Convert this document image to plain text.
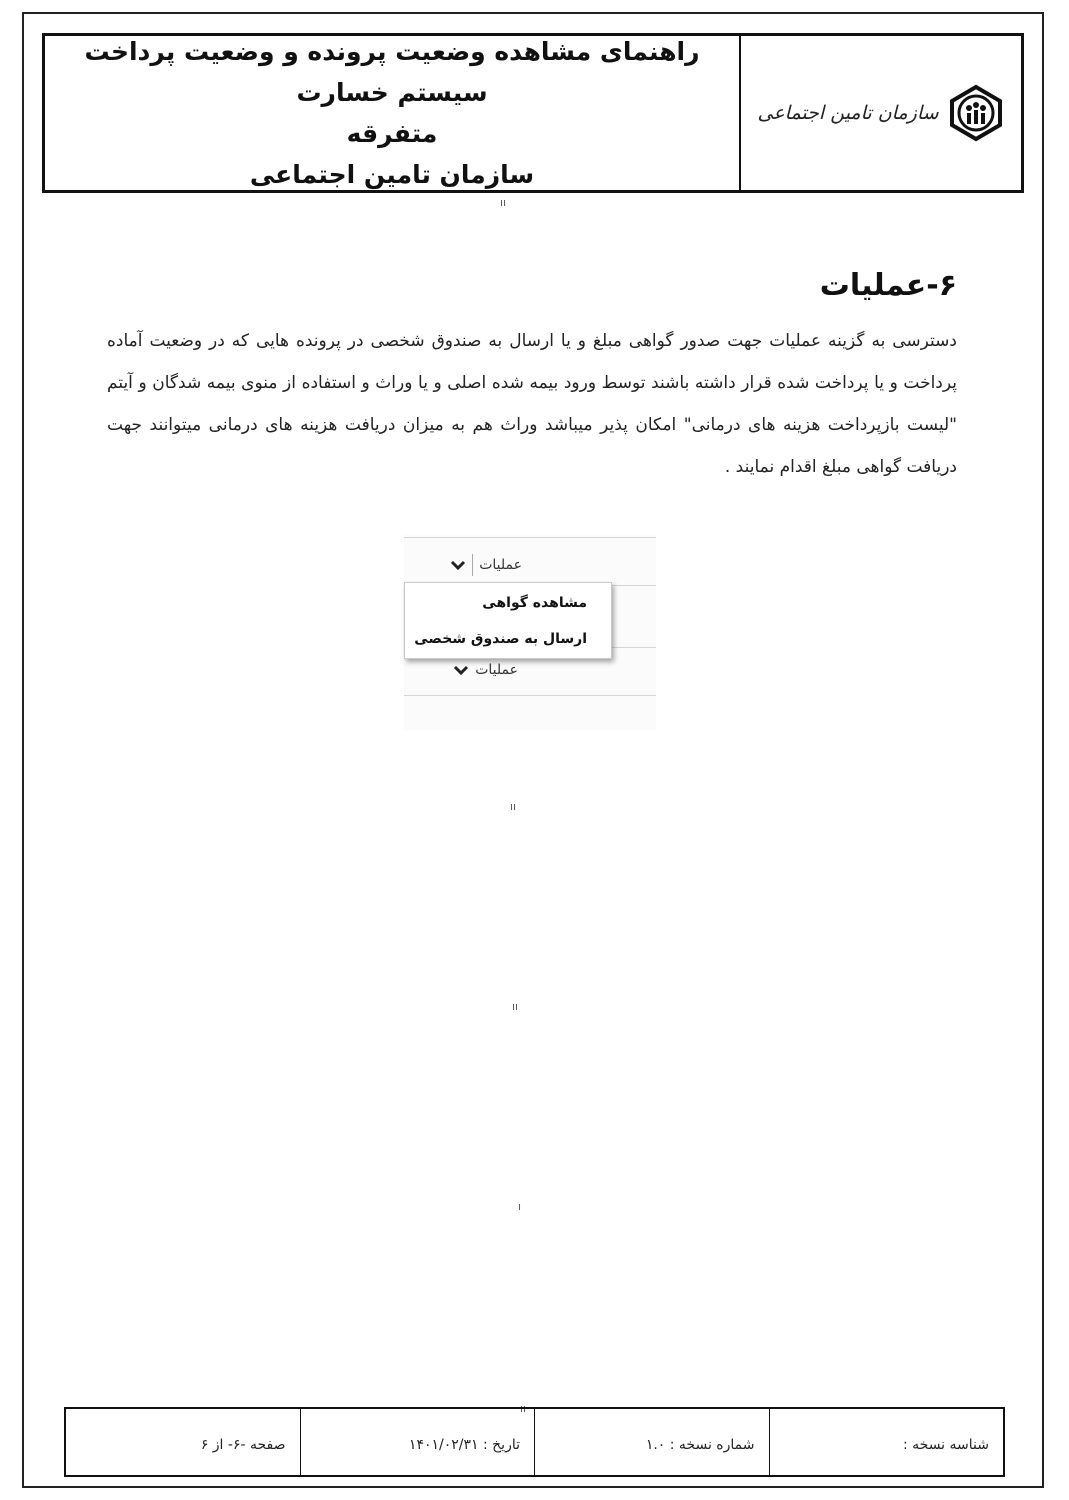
راهنمای مشاهده وضعیت پرونده و وضعیت پرداخت سیستم خسارت
متفرقه
سازمان تامین اجتماعی
سازمان تامین اجتماعی
۶-عملیات
دسترسی به گزینه عملیات جهت صدور گواهی مبلغ و یا ارسال به صندوق شخصی در پرونده هایی که در وضعیت آماده پرداخت و یا پرداخت شده قرار داشته باشند توسط ورود بیمه شده اصلی و یا وراث و استفاده از منوی بیمه شدگان و آیتم "لیست بازپرداخت هزینه های درمانی" امکان پذیر میباشد وراث هم به میزان دریافت هزینه های درمانی میتوانند جهت دریافت گواهی مبلغ اقدام نمایند .
عملیات
عملیات
مشاهده گواهی
ارسال به صندوق شخصی
ıı
ıı
ıı
ı
ıı
شناسه نسخه :
شماره نسخه : ۱.۰
تاریخ : ۱۴۰۱/۰۲/۳۱
صفحه -۶- از ۶
